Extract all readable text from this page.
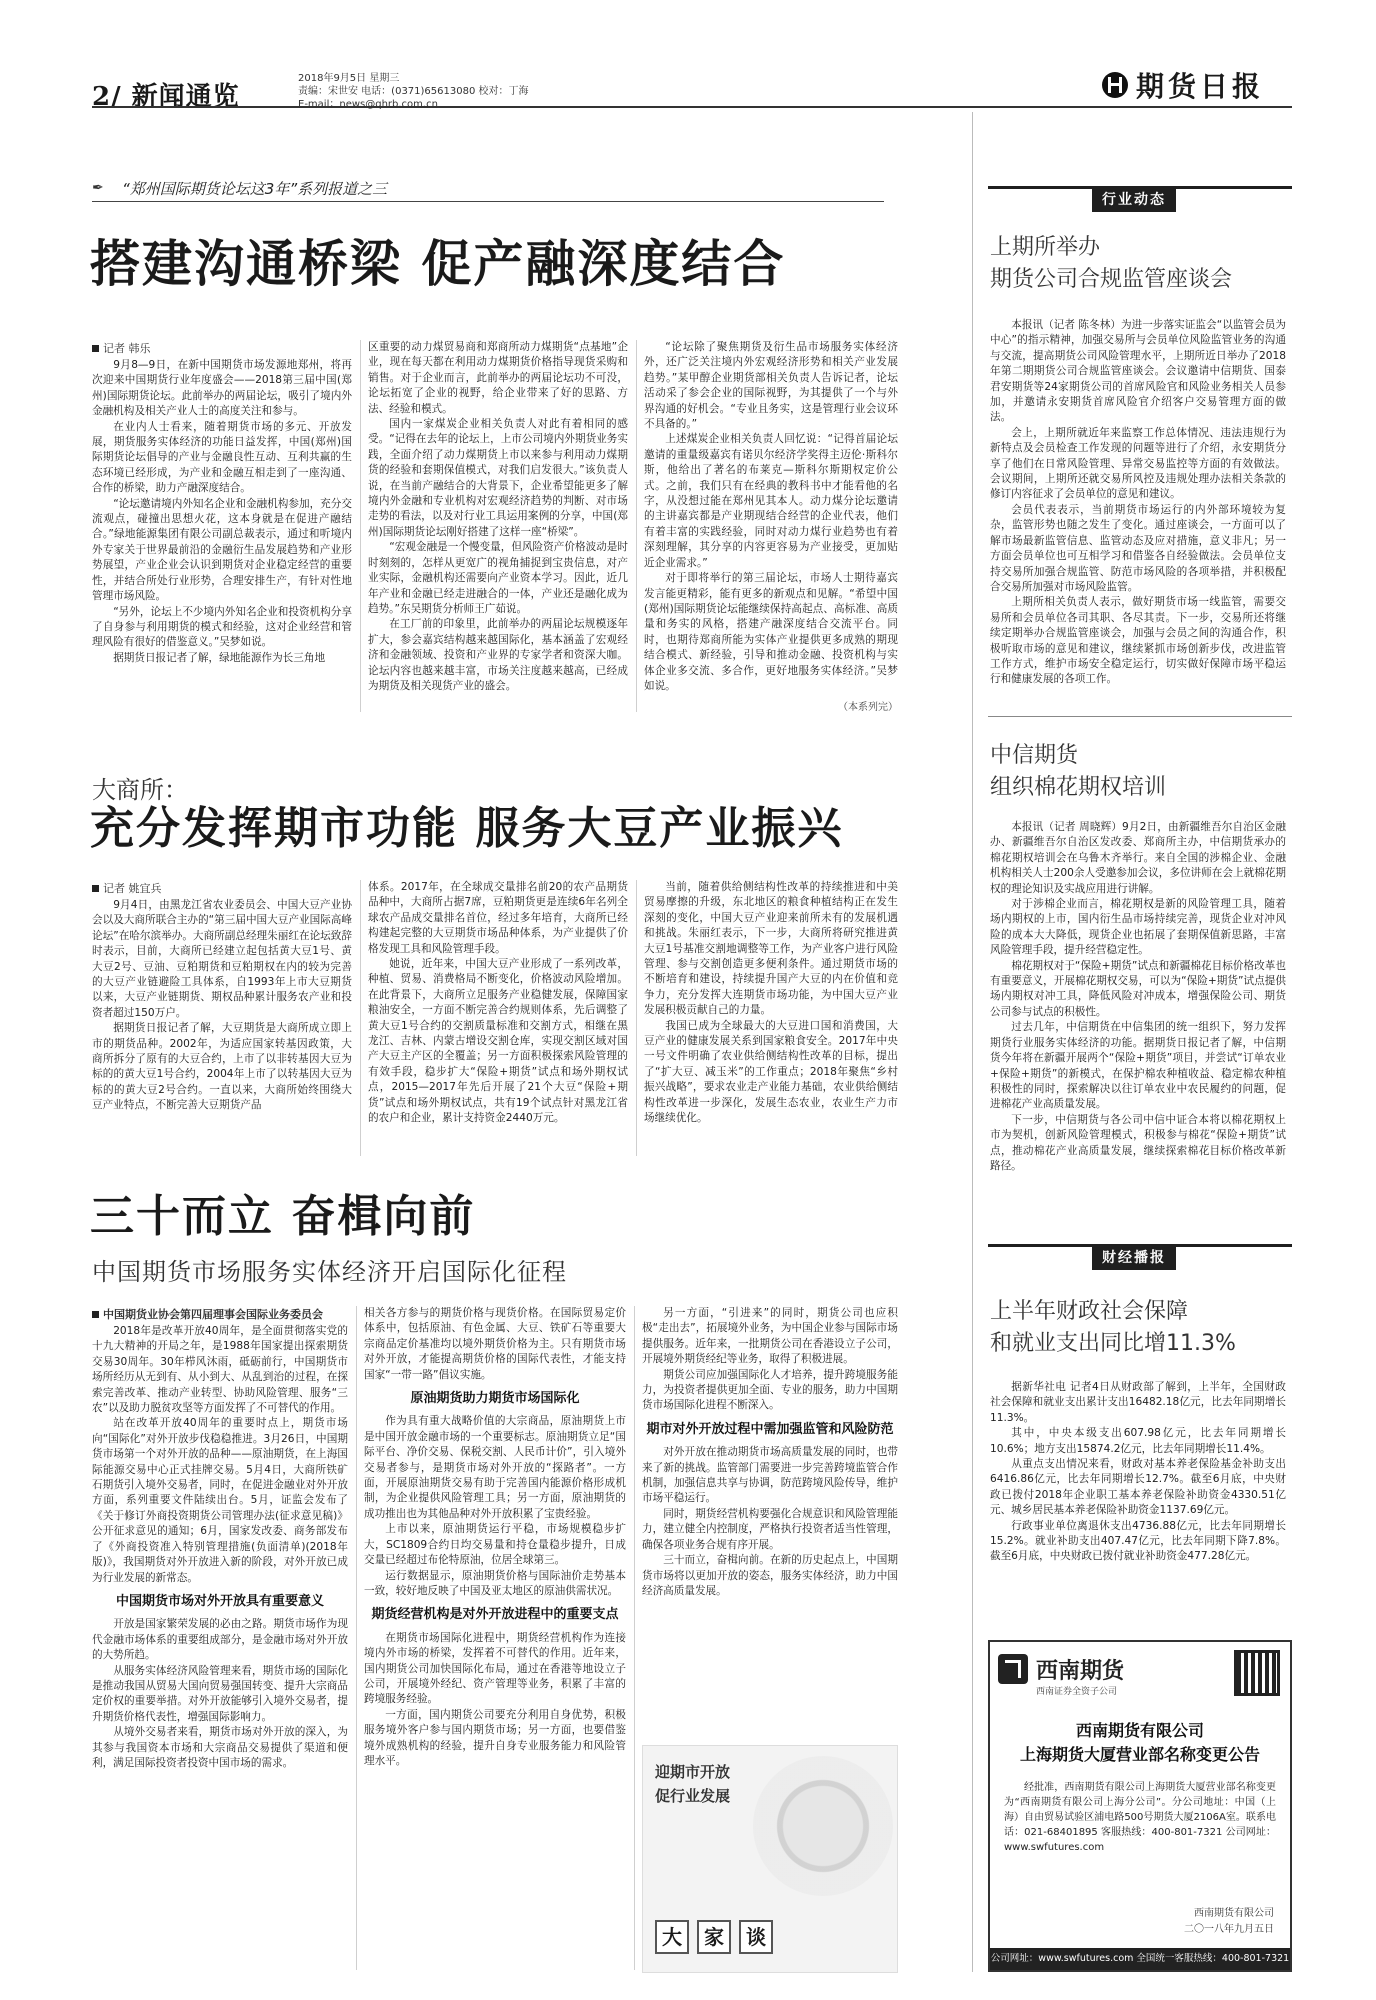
2/ 新闻通览
2018年9月5日 星期三
责编：宋世安 电话：(0371)65613080 校对：丁海
E-mail：news@qhrb.com.cn
期货日报
✒ “郑州国际期货论坛这3年”系列报道之三
搭建沟通桥梁 促产融深度结合
记者 韩乐

9月8—9日，在新中国期货市场发源地郑州，将再次迎来中国期货行业年度盛会——2018第三届中国(郑州)国际期货论坛。此前举办的两届论坛，吸引了境内外金融机构及相关产业人士的高度关注和参与。

在业内人士看来，随着期货市场的多元、开放发展，期货服务实体经济的功能日益发挥，中国(郑州)国际期货论坛倡导的产业与金融良性互动、互利共赢的生态环境已经形成，为产业和金融互相走到了一座沟通、合作的桥梁，助力产融深度结合。

“论坛邀请境内外知名企业和金融机构参加，充分交流观点，碰撞出思想火花，这本身就是在促进产融结合。”绿地能源集团有限公司副总裁表示，通过和听境内外专家关于世界最前沿的金融衍生品发展趋势和产业形势展望，产业企业会认识到期货对企业稳定经营的重要性，并结合所处行业形势，合理安排生产，有针对性地管理市场风险。

“另外，论坛上不少境内外知名企业和投资机构分享了自身参与利用期货的模式和经验，这对企业经营和管理风险有很好的借鉴意义。”吴梦如说。

据期货日报记者了解，绿地能源作为长三角地

区重要的动力煤贸易商和郑商所动力煤期货“点基地”企业，现在每天都在利用动力煤期货价格指导现货采购和销售。对于企业而言，此前举办的两届论坛功不可没，论坛拓宽了企业的视野，给企业带来了好的思路、方法、经验和模式。

国内一家煤炭企业相关负责人对此有着相同的感受。“记得在去年的论坛上，上市公司境内外期货业务实践，全面介绍了动力煤期货上市以来参与利用动力煤期货的经验和套期保值模式，对我们启发很大。”该负责人说，在当前产融结合的大背景下，企业希望能更多了解境内外金融和专业机构对宏观经济趋势的判断、对市场走势的看法，以及对行业工具运用案例的分享，中国(郑州)国际期货论坛刚好搭建了这样一座“桥梁”。

“宏观金融是一个慢变量，但风险资产价格波动是时时刻刻的，怎样从更宽广的视角捕捉到宝贵信息，对产业实际，金融机构还需要向产业资本学习。因此，近几年产业和金融已经走进融合的一体，产业还是融化成为趋势。”东吴期货分析师王广茹说。

在工厂前的印象里，此前举办的两届论坛规模逐年扩大，参会嘉宾结构越来越国际化，基本涵盖了宏观经济和金融领域、投资和产业界的专家学者和资深大咖。论坛内容也越来越丰富，市场关注度越来越高，已经成为期货及相关现货产业的盛会。

“论坛除了聚焦期货及衍生品市场服务实体经济外，还广泛关注境内外宏观经济形势和相关产业发展趋势。”某甲醇企业期货部相关负责人告诉记者，论坛活动采了参会企业的国际视野，为其提供了一个与外界沟通的好机会。“专业且务实，这是管理行业会议环不具备的。”

上述煤炭企业相关负责人回忆说：“记得首届论坛邀请的重量级嘉宾有诺贝尔经济学奖得主迈伦·斯科尔斯，他给出了著名的布莱克—斯科尔斯期权定价公式。之前，我们只有在经典的教科书中才能看他的名字，从没想过能在郑州见其本人。动力煤分论坛邀请的主讲嘉宾都是产业期现结合经营的企业代表，他们有着丰富的实践经验，同时对动力煤行业趋势也有着深刻理解，其分享的内容更容易为产业接受，更加贴近企业需求。”

对于即将举行的第三届论坛，市场人士期待嘉宾发言能更精彩，能有更多的新观点和见解。“希望中国(郑州)国际期货论坛能继续保持高起点、高标准、高质量和务实的风格，搭建产融深度结合交流平台。同时，也期待郑商所能为实体产业提供更多成熟的期现结合模式、新经验，引导和推动金融、投资机构与实体企业多交流、多合作，更好地服务实体经济。”吴梦如说。

（本系列完）
大商所：
充分发挥期市功能 服务大豆产业振兴
记者 姚宜兵

9月4日，由黑龙江省农业委员会、中国大豆产业协会以及大商所联合主办的“第三届中国大豆产业国际高峰论坛”在哈尔滨举办。大商所副总经理朱丽红在论坛致辞时表示，目前，大商所已经建立起包括黄大豆1号、黄大豆2号、豆油、豆粕期货和豆粕期权在内的较为完善的大豆产业链避险工具体系，自1993年上市大豆期货以来，大豆产业链期货、期权品种累计服务农产业和投资者超过150万户。

据期货日报记者了解，大豆期货是大商所成立即上市的期货品种。2002年，为适应国家转基因政策，大商所拆分了原有的大豆合约，上市了以非转基因大豆为标的的黄大豆1号合约，2004年上市了以转基因大豆为标的的黄大豆2号合约。一直以来，大商所始终围绕大豆产业特点，不断完善大豆期货产品

体系。2017年，在全球成交量排名前20的农产品期货品种中，大商所占据7席，豆粕期货更是连续6年名列全球农产品成交量排名首位，经过多年培育，大商所已经构建起完整的大豆期货市场品种体系，为产业提供了价格发现工具和风险管理手段。

她说，近年来，中国大豆产业形成了一系列改革，种植、贸易、消费格局不断变化，价格波动风险增加。在此背景下，大商所立足服务产业稳健发展，保障国家粮油安全，一方面不断完善合约规则体系，先后调整了黄大豆1号合约的交割质量标准和交割方式，相继在黑龙江、吉林、内蒙古增设交割仓库，实现交割区域对国产大豆主产区的全覆盖；另一方面积极探索风险管理的有效手段，稳步扩大“保险+期货”试点和场外期权试点，2015—2017年先后开展了21个大豆“保险+期货”试点和场外期权试点，共有19个试点针对黑龙江省的农户和企业，累计支持资金2440万元。

当前，随着供给侧结构性改革的持续推进和中美贸易摩擦的升级，东北地区的粮食种植结构正在发生深刻的变化，中国大豆产业迎来前所未有的发展机遇和挑战。朱丽红表示，下一步，大商所将研究推进黄大豆1号基准交割地调整等工作，为产业客户进行风险管理、参与交割创造更多便利条件。通过期货市场的不断培育和建设，持续提升国产大豆的内在价值和竞争力，充分发挥大连期货市场功能，为中国大豆产业发展积极贡献自己的力量。

我国已成为全球最大的大豆进口国和消费国，大豆产业的健康发展关系到国家粮食安全。2017年中央一号文件明确了农业供给侧结构性改革的目标，提出了“扩大豆、减玉米”的工作重点；2018年聚焦“乡村振兴战略”，要求农业走产业能力基础，农业供给侧结构性改革进一步深化，发展生态农业，农业生产力市场继续优化。

三十而立 奋楫向前
中国期货市场服务实体经济开启国际化征程
中国期货业协会第四届理事会国际业务委员会

2018年是改革开放40周年，是全面贯彻落实党的十九大精神的开局之年，是1988年国家提出探索期货交易30周年。30年栉风沐雨，砥砺前行，中国期货市场所经历从无到有、从小到大、从乱到治的过程，在探索完善改革、推动产业转型、协助风险管理、服务“三农”以及助力脱贫攻坚等方面发挥了不可替代的作用。

站在改革开放40周年的重要时点上，期货市场向“国际化”对外开放步伐稳稳推进。3月26日，中国期货市场第一个对外开放的品种——原油期货，在上海国际能源交易中心正式挂牌交易。5月4日，大商所铁矿石期货引入境外交易者，同时，在促进金融业对外开放方面，系列重要文件陆续出台。5月，证监会发布了《关于修订外商投资期货公司管理办法(征求意见稿)》公开征求意见的通知；6月，国家发改委、商务部发布了《外商投资准入特别管理措施(负面清单)(2018年版)》，我国期货对外开放进入新的阶段，对外开放已成为行业发展的新常态。

中国期货市场对外开放具有重要意义

开放是国家繁荣发展的必由之路。期货市场作为现代金融市场体系的重要组成部分，是金融市场对外开放的大势所趋。

从服务实体经济风险管理来看，期货市场的国际化是推动我国从贸易大国向贸易强国转变、提升大宗商品定价权的重要举措。对外开放能够引入境外交易者，提升期货价格代表性，增强国际影响力。

从境外交易者来看，期货市场对外开放的深入，为其参与我国资本市场和大宗商品交易提供了渠道和便利，满足国际投资者投资中国市场的需求。

相关各方参与的期货价格与现货价格。在国际贸易定价体系中，包括原油、有色金属、大豆、铁矿石等重要大宗商品定价基准均以境外期货价格为主。只有期货市场对外开放，才能提高期货价格的国际代表性，才能支持国家“一带一路”倡议实施。

原油期货助力期货市场国际化

作为具有重大战略价值的大宗商品，原油期货上市是中国开放金融市场的一个重要标志。原油期货立足“国际平台、净价交易、保税交割、人民币计价”，引入境外交易者参与，是期货市场对外开放的“探路者”。一方面，开展原油期货交易有助于完善国内能源价格形成机制，为企业提供风险管理工具；另一方面，原油期货的成功推出也为其他品种对外开放积累了宝贵经验。

上市以来，原油期货运行平稳，市场规模稳步扩大，SC1809合约日均交易量和持仓量稳步提升，日成交量已经超过布伦特原油，位居全球第三。

运行数据显示，原油期货价格与国际油价走势基本一致，较好地反映了中国及亚太地区的原油供需状况。

期货经营机构是对外开放进程中的重要支点

在期货市场国际化进程中，期货经营机构作为连接境内外市场的桥梁，发挥着不可替代的作用。近年来，国内期货公司加快国际化布局，通过在香港等地设立子公司，开展境外经纪、资产管理等业务，积累了丰富的跨境服务经验。

一方面，国内期货公司要充分利用自身优势，积极服务境外客户参与国内期货市场；另一方面，也要借鉴境外成熟机构的经验，提升自身专业服务能力和风险管理水平。

另一方面，“引进来”的同时，期货公司也应积极“走出去”，拓展境外业务，为中国企业参与国际市场提供服务。近年来，一批期货公司在香港设立子公司，开展境外期货经纪等业务，取得了积极进展。

期货公司应加强国际化人才培养，提升跨境服务能力，为投资者提供更加全面、专业的服务，助力中国期货市场国际化进程不断深入。

期市对外开放过程中需加强监管和风险防范

对外开放在推动期货市场高质量发展的同时，也带来了新的挑战。监管部门需要进一步完善跨境监管合作机制，加强信息共享与协调，防范跨境风险传导，维护市场平稳运行。

同时，期货经营机构要强化合规意识和风险管理能力，建立健全内控制度，严格执行投资者适当性管理，确保各项业务合规有序开展。

三十而立，奋楫向前。在新的历史起点上，中国期货市场将以更加开放的姿态，服务实体经济，助力中国经济高质量发展。

迎期市开放
促行业发展
大	家	谈
行业动态
上期所举办
期货公司合规监管座谈会

本报讯（记者 陈冬林）为进一步落实证监会“以监管会员为中心”的指示精神，加强交易所与会员单位风险监管业务的沟通与交流，提高期货公司风险管理水平，上期所近日举办了2018年第二期期货公司合规监管座谈会。会议邀请中信期货、国泰君安期货等24家期货公司的首席风险官和风险业务相关人员参加，并邀请永安期货首席风险官介绍客户交易管理方面的做法。

会上，上期所就近年来监察工作总体情况、违法违规行为新特点及会员检查工作发现的问题等进行了介绍，永安期货分享了他们在日常风险管理、异常交易监控等方面的有效做法。会议期间，上期所还就交易所风控及违规处理办法相关条款的修订内容征求了会员单位的意见和建议。

会员代表表示，当前期货市场运行的内外部环境较为复杂，监管形势也随之发生了变化。通过座谈会，一方面可以了解市场最新监管信息、监管动态及应对措施，意义非凡；另一方面会员单位也可互相学习和借鉴各自经验做法。会员单位支持交易所加强合规监管、防范市场风险的各项举措，并积极配合交易所加强对市场风险监管。

上期所相关负责人表示，做好期货市场一线监管，需要交易所和会员单位各司其职、各尽其责。下一步，交易所还将继续定期举办合规监管座谈会，加强与会员之间的沟通合作，积极听取市场的意见和建议，继续紧抓市场创新步伐，改进监管工作方式，维护市场安全稳定运行，切实做好保障市场平稳运行和健康发展的各项工作。

中信期货
组织棉花期权培训

本报讯（记者 周晓辉）9月2日，由新疆维吾尔自治区金融办、新疆维吾尔自治区发改委、郑商所主办，中信期货承办的棉花期权培训会在乌鲁木齐举行。来自全国的涉棉企业、金融机构相关人士200余人受邀参加会议，多位讲师在会上就棉花期权的理论知识及实战应用进行讲解。

对于涉棉企业而言，棉花期权是新的风险管理工具，随着场内期权的上市，国内衍生品市场持续完善，现货企业对冲风险的成本大大降低，现货企业也拓展了套期保值新思路，丰富风险管理手段，提升经营稳定性。

棉花期权对于“保险+期货”试点和新疆棉花目标价格改革也有重要意义，开展棉花期权交易，可以为“保险+期货”试点提供场内期权对冲工具，降低风险对冲成本，增强保险公司、期货公司参与试点的积极性。

过去几年，中信期货在中信集团的统一组织下，努力发挥期货行业服务实体经济的功能。据期货日报记者了解，中信期货今年将在新疆开展两个“保险+期货”项目，并尝试“订单农业+保险+期货”的新模式，在保护棉农种植收益、稳定棉农种植积极性的同时，探索解决以往订单农业中农民履约的问题，促进棉花产业高质量发展。

下一步，中信期货与各公司中信中证合本将以棉花期权上市为契机，创新风险管理模式，积极参与棉花“保险+期货”试点，推动棉花产业高质量发展，继续探索棉花目标价格改革新路径。

财经播报
上半年财政社会保障
和就业支出同比增11.3%

据新华社电 记者4日从财政部了解到，上半年，全国财政社会保障和就业支出累计支出16482.18亿元，比去年同期增长11.3%。

其中，中央本级支出607.98亿元，比去年同期增长10.6%；地方支出15874.2亿元，比去年同期增长11.4%。

从重点支出情况来看，财政对基本养老保险基金补助支出6416.86亿元，比去年同期增长12.7%。截至6月底，中央财政已拨付2018年企业职工基本养老保险补助资金4330.51亿元、城乡居民基本养老保险补助资金1137.69亿元。

行政事业单位离退休支出4736.88亿元，比去年同期增长15.2%。就业补助支出407.47亿元，比去年同期下降7.8%。截至6月底，中央财政已拨付就业补助资金477.28亿元。

西南期货
西南证券全资子公司
西南期货有限公司
上海期货大厦营业部名称变更公告
经批准，西南期货有限公司上海期货大厦营业部名称变更为“西南期货有限公司上海分公司”。分公司地址：中国（上海）自由贸易试验区浦电路500号期货大厦2106A室。联系电话：021-68401895 客服热线：400-801-7321 公司网址：www.swfutures.com
西南期货有限公司
二〇一八年九月五日
公司网址：www.swfutures.com 全国统一客服热线：400-801-7321
